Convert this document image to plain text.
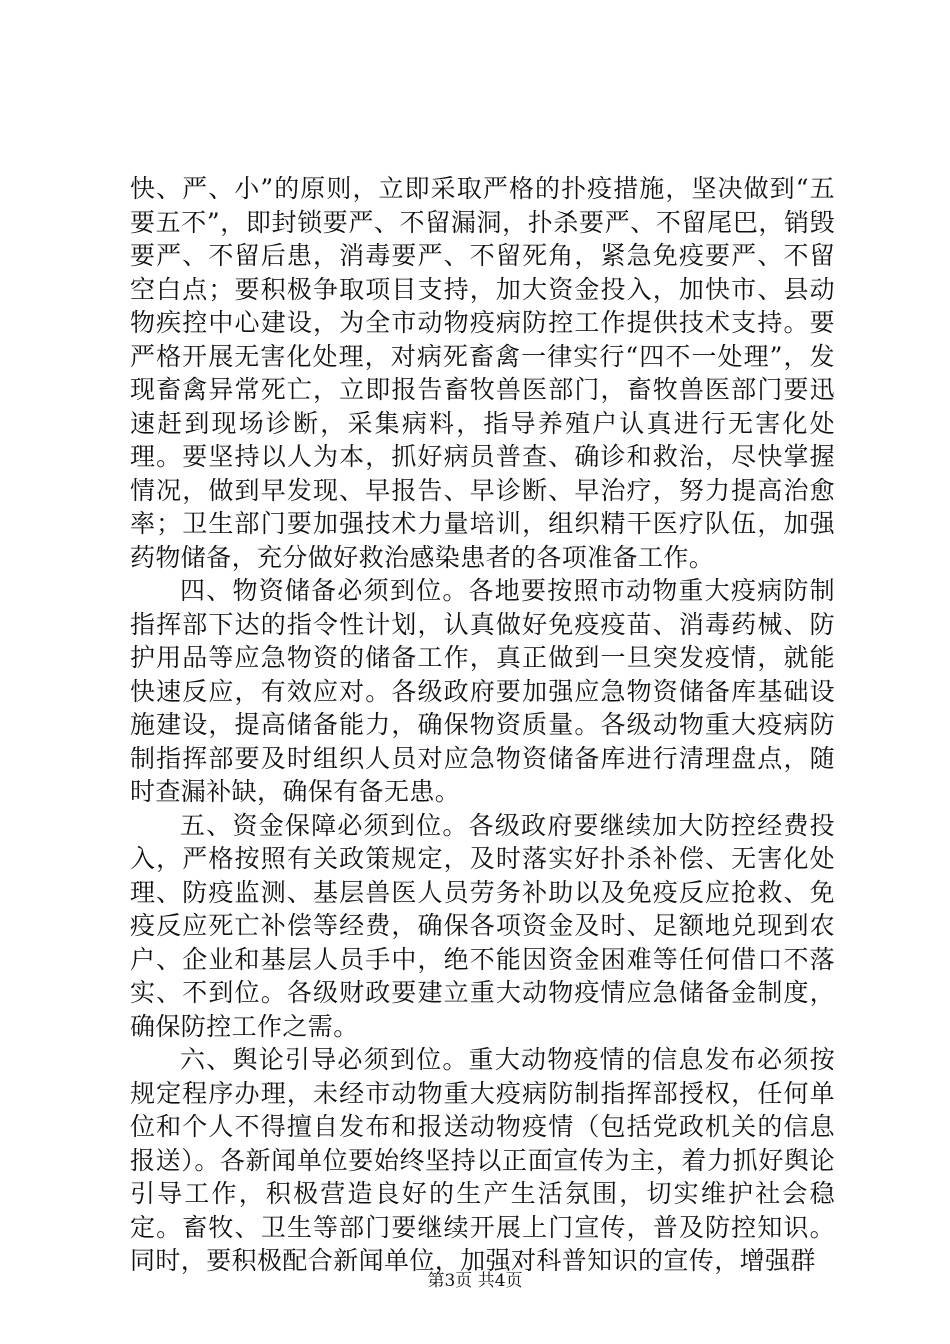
快、严、小”的原则，立即采取严格的扑疫措施，坚决做到“五要五不”，即封锁要严、不留漏洞，扑杀要严、不留尾巴，销毁要严、不留后患，消毒要严、不留死角，紧急免疫要严、不留空白点；要积极争取项目支持，加大资金投入，加快市、县动物疾控中心建设，为全市动物疫病防控工作提供技术支持。要严格开展无害化处理，对病死畜禽一律实行“四不一处理”，发现畜禽异常死亡，立即报告畜牧兽医部门，畜牧兽医部门要迅速赶到现场诊断，采集病料，指导养殖户认真进行无害化处理。要坚持以人为本，抓好病员普查、确诊和救治，尽快掌握情况，做到早发现、早报告、早诊断、早治疗，努力提高治愈率；卫生部门要加强技术力量培训，组织精干医疗队伍，加强药物储备，充分做好救治感染患者的各项准备工作。

四、物资储备必须到位。各地要按照市动物重大疫病防制指挥部下达的指令性计划，认真做好免疫疫苗、消毒药械、防护用品等应急物资的储备工作，真正做到一旦突发疫情，就能快速反应，有效应对。各级政府要加强应急物资储备库基础设施建设，提高储备能力，确保物资质量。各级动物重大疫病防制指挥部要及时组织人员对应急物资储备库进行清理盘点，随时查漏补缺，确保有备无患。

五、资金保障必须到位。各级政府要继续加大防控经费投入，严格按照有关政策规定，及时落实好扑杀补偿、无害化处理、防疫监测、基层兽医人员劳务补助以及免疫反应抢救、免疫反应死亡补偿等经费，确保各项资金及时、足额地兑现到农户、企业和基层人员手中，绝不能因资金困难等任何借口不落实、不到位。各级财政要建立重大动物疫情应急储备金制度，确保防控工作之需。

六、舆论引导必须到位。重大动物疫情的信息发布必须按规定程序办理，未经市动物重大疫病防制指挥部授权，任何单位和个人不得擅自发布和报送动物疫情（包括党政机关的信息报送）。各新闻单位要始终坚持以正面宣传为主，着力抓好舆论引导工作，积极营造良好的生产生活氛围，切实维护社会稳定。畜牧、卫生等部门要继续开展上门宣传，普及防控知识。同时，要积极配合新闻单位，加强对科普知识的宣传，增强群

第3页 共4页
